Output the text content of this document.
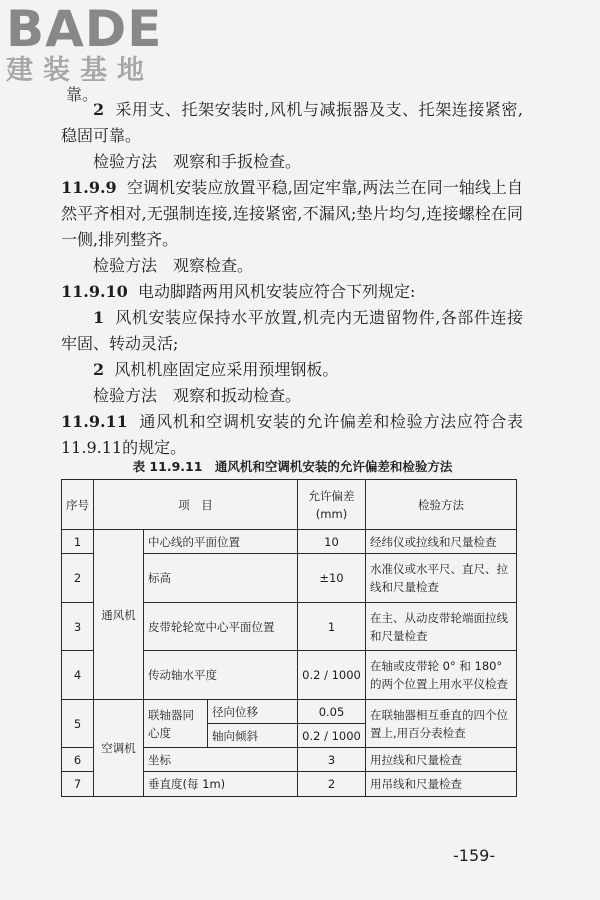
BADE
建装基地
靠。

2 采用支、托架安装时,风机与减振器及支、托架连接紧密,稳固可靠。

检验方法　观察和手扳检查。

11.9.9 空调机安装应放置平稳,固定牢靠,两法兰在同一轴线上自然平齐相对,无强制连接,连接紧密,不漏风;垫片均匀,连接螺栓在同一侧,排列整齐。

检验方法　观察检查。

11.9.10 电动脚踏两用风机安装应符合下列规定:

1 风机安装应保持水平放置,机壳内无遗留物件,各部件连接牢固、转动灵活;

2 风机机座固定应采用预埋钢板。

检验方法　观察和扳动检查。

11.9.11 通风机和空调机安装的允许偏差和检验方法应符合表11.9.11的规定。

表 11.9.11　通风机和空调机安装的允许偏差和检验方法
序号	项　目			允许偏差(mm)	检验方法
1	通风机	中心线的平面位置		10	经纬仪或拉线和尺量检查
2		标高		±10	水准仪或水平尺、直尺、拉线和尺量检查
3		皮带轮轮宽中心平面位置		1	在主、从动皮带轮端面拉线和尺量检查
4		传动轴水平度		0.2 / 1000	在轴或皮带轮 0° 和 180° 的两个位置上用水平仪检查
5	空调机	联轴器同心度	径向位移	0.05	在联轴器相互垂直的四个位置上,用百分表检查
			轴向倾斜	0.2 / 1000	
6		坐标		3	用拉线和尺量检查
7		垂直度(每 1m)		2	用吊线和尺量检查
-159-
